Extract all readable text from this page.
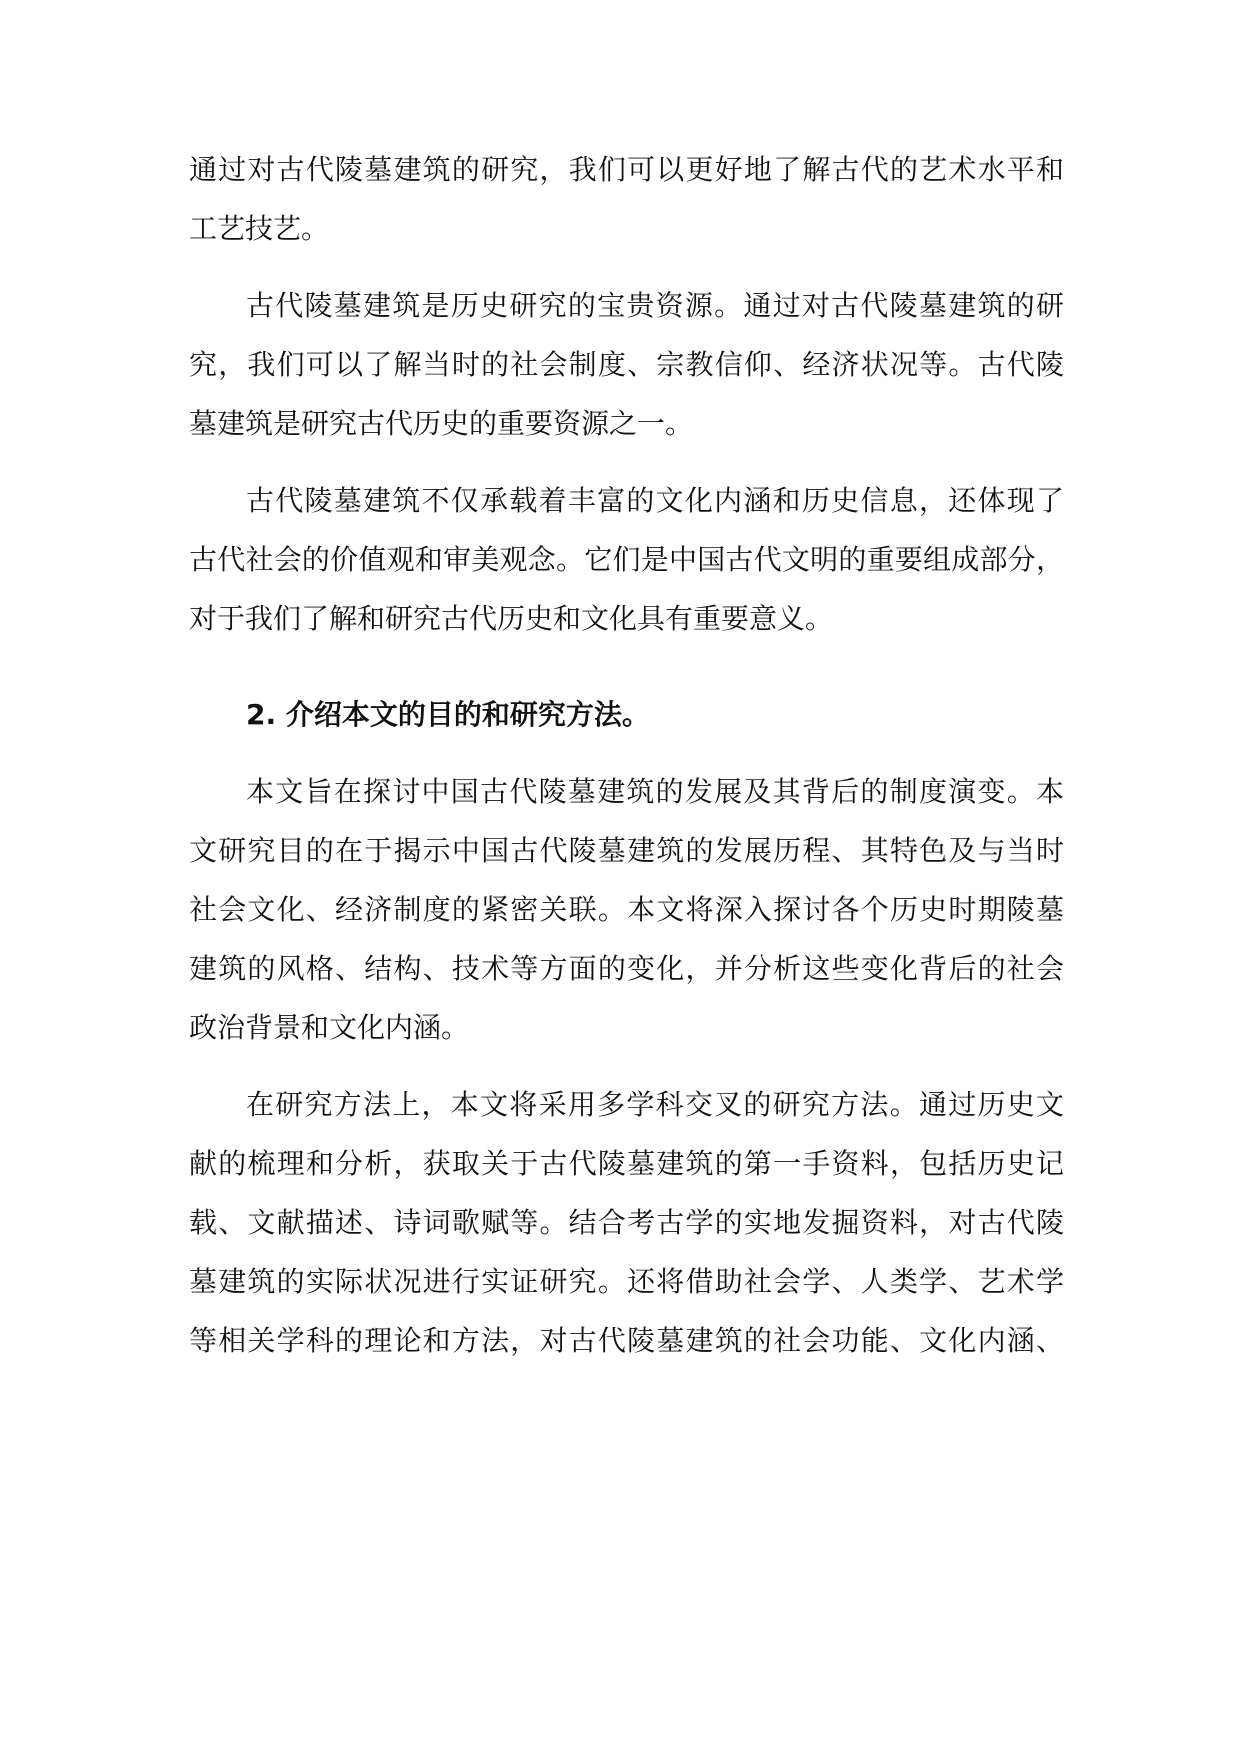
通过对古代陵墓建筑的研究，我们可以更好地了解古代的艺术水平和
工艺技艺。
古代陵墓建筑是历史研究的宝贵资源。通过对古代陵墓建筑的研
究，我们可以了解当时的社会制度、宗教信仰、经济状况等。古代陵
墓建筑是研究古代历史的重要资源之一。
古代陵墓建筑不仅承载着丰富的文化内涵和历史信息，还体现了
古代社会的价值观和审美观念。它们是中国古代文明的重要组成部分，
对于我们了解和研究古代历史和文化具有重要意义。
2. 介绍本文的目的和研究方法。
本文旨在探讨中国古代陵墓建筑的发展及其背后的制度演变。本
文研究目的在于揭示中国古代陵墓建筑的发展历程、其特色及与当时
社会文化、经济制度的紧密关联。本文将深入探讨各个历史时期陵墓
建筑的风格、结构、技术等方面的变化，并分析这些变化背后的社会
政治背景和文化内涵。
在研究方法上，本文将采用多学科交叉的研究方法。通过历史文
献的梳理和分析，获取关于古代陵墓建筑的第一手资料，包括历史记
载、文献描述、诗词歌赋等。结合考古学的实地发掘资料，对古代陵
墓建筑的实际状况进行实证研究。还将借助社会学、人类学、艺术学
等相关学科的理论和方法，对古代陵墓建筑的社会功能、文化内涵、
